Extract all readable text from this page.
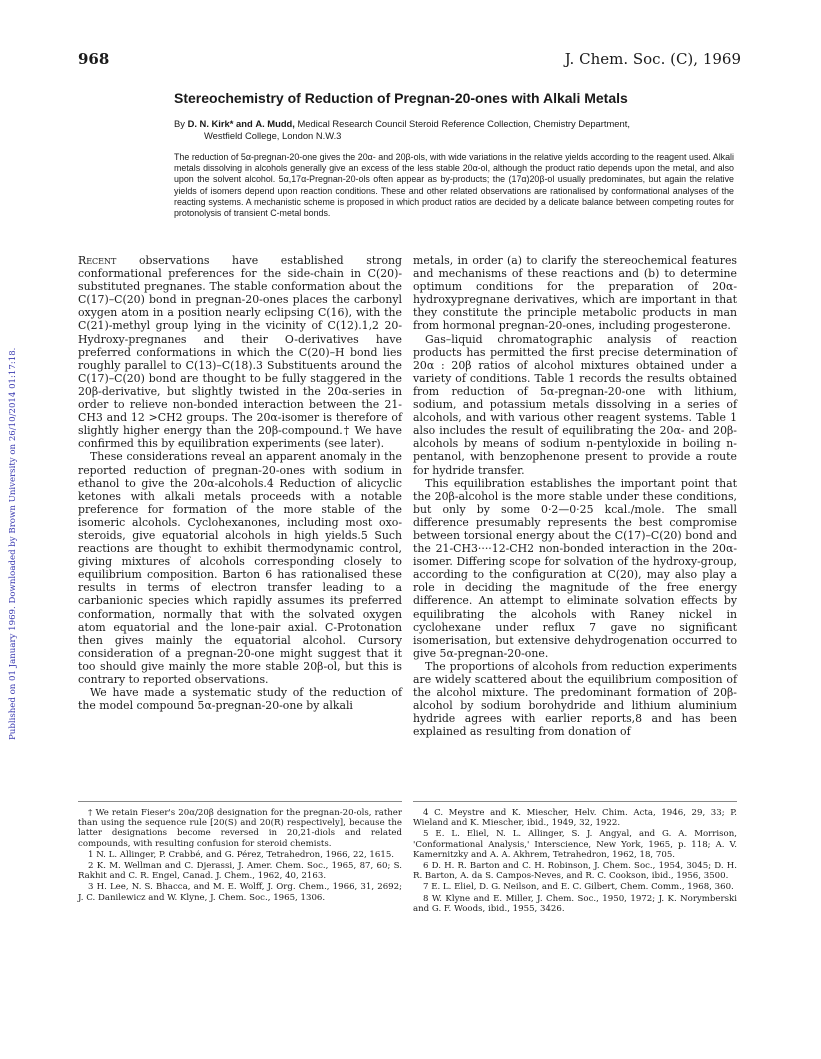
Published on 01 January 1969. Downloaded by Brown University on 26/10/2014 01:17:18.
968	J. Chem. Soc. (C), 1969
Stereochemistry of Reduction of Pregnan-20-ones with Alkali Metals
By D. N. Kirk* and A. Mudd, Medical Research Council Steroid Reference Collection, Chemistry Department,
Westfield College, London N.W.3
The reduction of 5α-pregnan-20-one gives the 20α- and 20β-ols, with wide variations in the relative yields according to the reagent used. Alkali metals dissolving in alcohols generally give an excess of the less stable 20α-ol, although the product ratio depends upon the metal, and also upon the solvent alcohol. 5α,17α-Pregnan-20-ols often appear as by-products; the (17α)20β-ol usually predominates, but again the relative yields of isomers depend upon reaction conditions. These and other related observations are rationalised by conformational analyses of the reacting systems. A mechanistic scheme is proposed in which product ratios are decided by a delicate balance between competing routes for protonolysis of transient C-metal bonds.

Recent observations have established strong conformational preferences for the side-chain in C(20)-substituted pregnanes. The stable conformation about the C(17)–C(20) bond in pregnan-20-ones places the carbonyl oxygen atom in a position nearly eclipsing C(16), with the C(21)-methyl group lying in the vicinity of C(12).1,2 20-Hydroxy-pregnanes and their O-derivatives have preferred conformations in which the C(20)–H bond lies roughly parallel to C(13)–C(18).3 Substituents around the C(17)–C(20) bond are thought to be fully staggered in the 20β-derivative, but slightly twisted in the 20α-series in order to relieve non-bonded interaction between the 21-CH3 and 12 >CH2 groups. The 20α-isomer is therefore of slightly higher energy than the 20β-compound.† We have confirmed this by equilibration experiments (see later).

These considerations reveal an apparent anomaly in the reported reduction of pregnan-20-ones with sodium in ethanol to give the 20α-alcohols.4 Reduction of alicyclic ketones with alkali metals proceeds with a notable preference for formation of the more stable of the isomeric alcohols. Cyclohexanones, including most oxo-steroids, give equatorial alcohols in high yields.5 Such reactions are thought to exhibit thermodynamic control, giving mixtures of alcohols corresponding closely to equilibrium composition. Barton 6 has rationalised these results in terms of electron transfer leading to a carbanionic species which rapidly assumes its preferred conformation, normally that with the solvated oxygen atom equatorial and the lone-pair axial. C-Protonation then gives mainly the equatorial alcohol. Cursory consideration of a pregnan-20-one might suggest that it too should give mainly the more stable 20β-ol, but this is contrary to reported observations.

We have made a systematic study of the reduction of the model compound 5α-pregnan-20-one by alkali

metals, in order (a) to clarify the stereochemical features and mechanisms of these reactions and (b) to determine optimum conditions for the preparation of 20α-hydroxypregnane derivatives, which are important in that they constitute the principle metabolic products in man from hormonal pregnan-20-ones, including progesterone.

Gas–liquid chromatographic analysis of reaction products has permitted the first precise determination of 20α : 20β ratios of alcohol mixtures obtained under a variety of conditions. Table 1 records the results obtained from reduction of 5α-pregnan-20-one with lithium, sodium, and potassium metals dissolving in a series of alcohols, and with various other reagent systems. Table 1 also includes the result of equilibrating the 20α- and 20β-alcohols by means of sodium n-pentyloxide in boiling n-pentanol, with benzophenone present to provide a route for hydride transfer.

This equilibration establishes the important point that the 20β-alcohol is the more stable under these conditions, but only by some 0·2—0·25 kcal./mole. The small difference presumably represents the best compromise between torsional energy about the C(17)–C(20) bond and the 21-CH3····12-CH2 non-bonded interaction in the 20α-isomer. Differing scope for solvation of the hydroxy-group, according to the configuration at C(20), may also play a role in deciding the magnitude of the free energy difference. An attempt to eliminate solvation effects by equilibrating the alcohols with Raney nickel in cyclohexane under reflux 7 gave no significant isomerisation, but extensive dehydrogenation occurred to give 5α-pregnan-20-one.

The proportions of alcohols from reduction experiments are widely scattered about the equilibrium composition of the alcohol mixture. The predominant formation of 20β-alcohol by sodium borohydride and lithium aluminium hydride agrees with earlier reports,8 and has been explained as resulting from donation of

† We retain Fieser's 20α/20β designation for the pregnan-20-ols, rather than using the sequence rule [20(S) and 20(R) respectively], because the latter designations become reversed in 20,21-diols and related compounds, with resulting confusion for steroid chemists.

1 N. L. Allinger, P. Crabbé, and G. Pérez, Tetrahedron, 1966, 22, 1615.

2 K. M. Wellman and C. Djerassi, J. Amer. Chem. Soc., 1965, 87, 60; S. Rakhit and C. R. Engel, Canad. J. Chem., 1962, 40, 2163.

3 H. Lee, N. S. Bhacca, and M. E. Wolff, J. Org. Chem., 1966, 31, 2692; J. C. Danilewicz and W. Klyne, J. Chem. Soc., 1965, 1306.

4 C. Meystre and K. Miescher, Helv. Chim. Acta, 1946, 29, 33; P. Wieland and K. Miescher, ibid., 1949, 32, 1922.

5 E. L. Eliel, N. L. Allinger, S. J. Angyal, and G. A. Morrison, 'Conformational Analysis,' Interscience, New York, 1965, p. 118; A. V. Kamernitzky and A. A. Akhrem, Tetrahedron, 1962, 18, 705.

6 D. H. R. Barton and C. H. Robinson, J. Chem. Soc., 1954, 3045; D. H. R. Barton, A. da S. Campos-Neves, and R. C. Cookson, ibid., 1956, 3500.

7 E. L. Eliel, D. G. Neilson, and E. C. Gilbert, Chem. Comm., 1968, 360.

8 W. Klyne and E. Miller, J. Chem. Soc., 1950, 1972; J. K. Norymberski and G. F. Woods, ibid., 1955, 3426.
